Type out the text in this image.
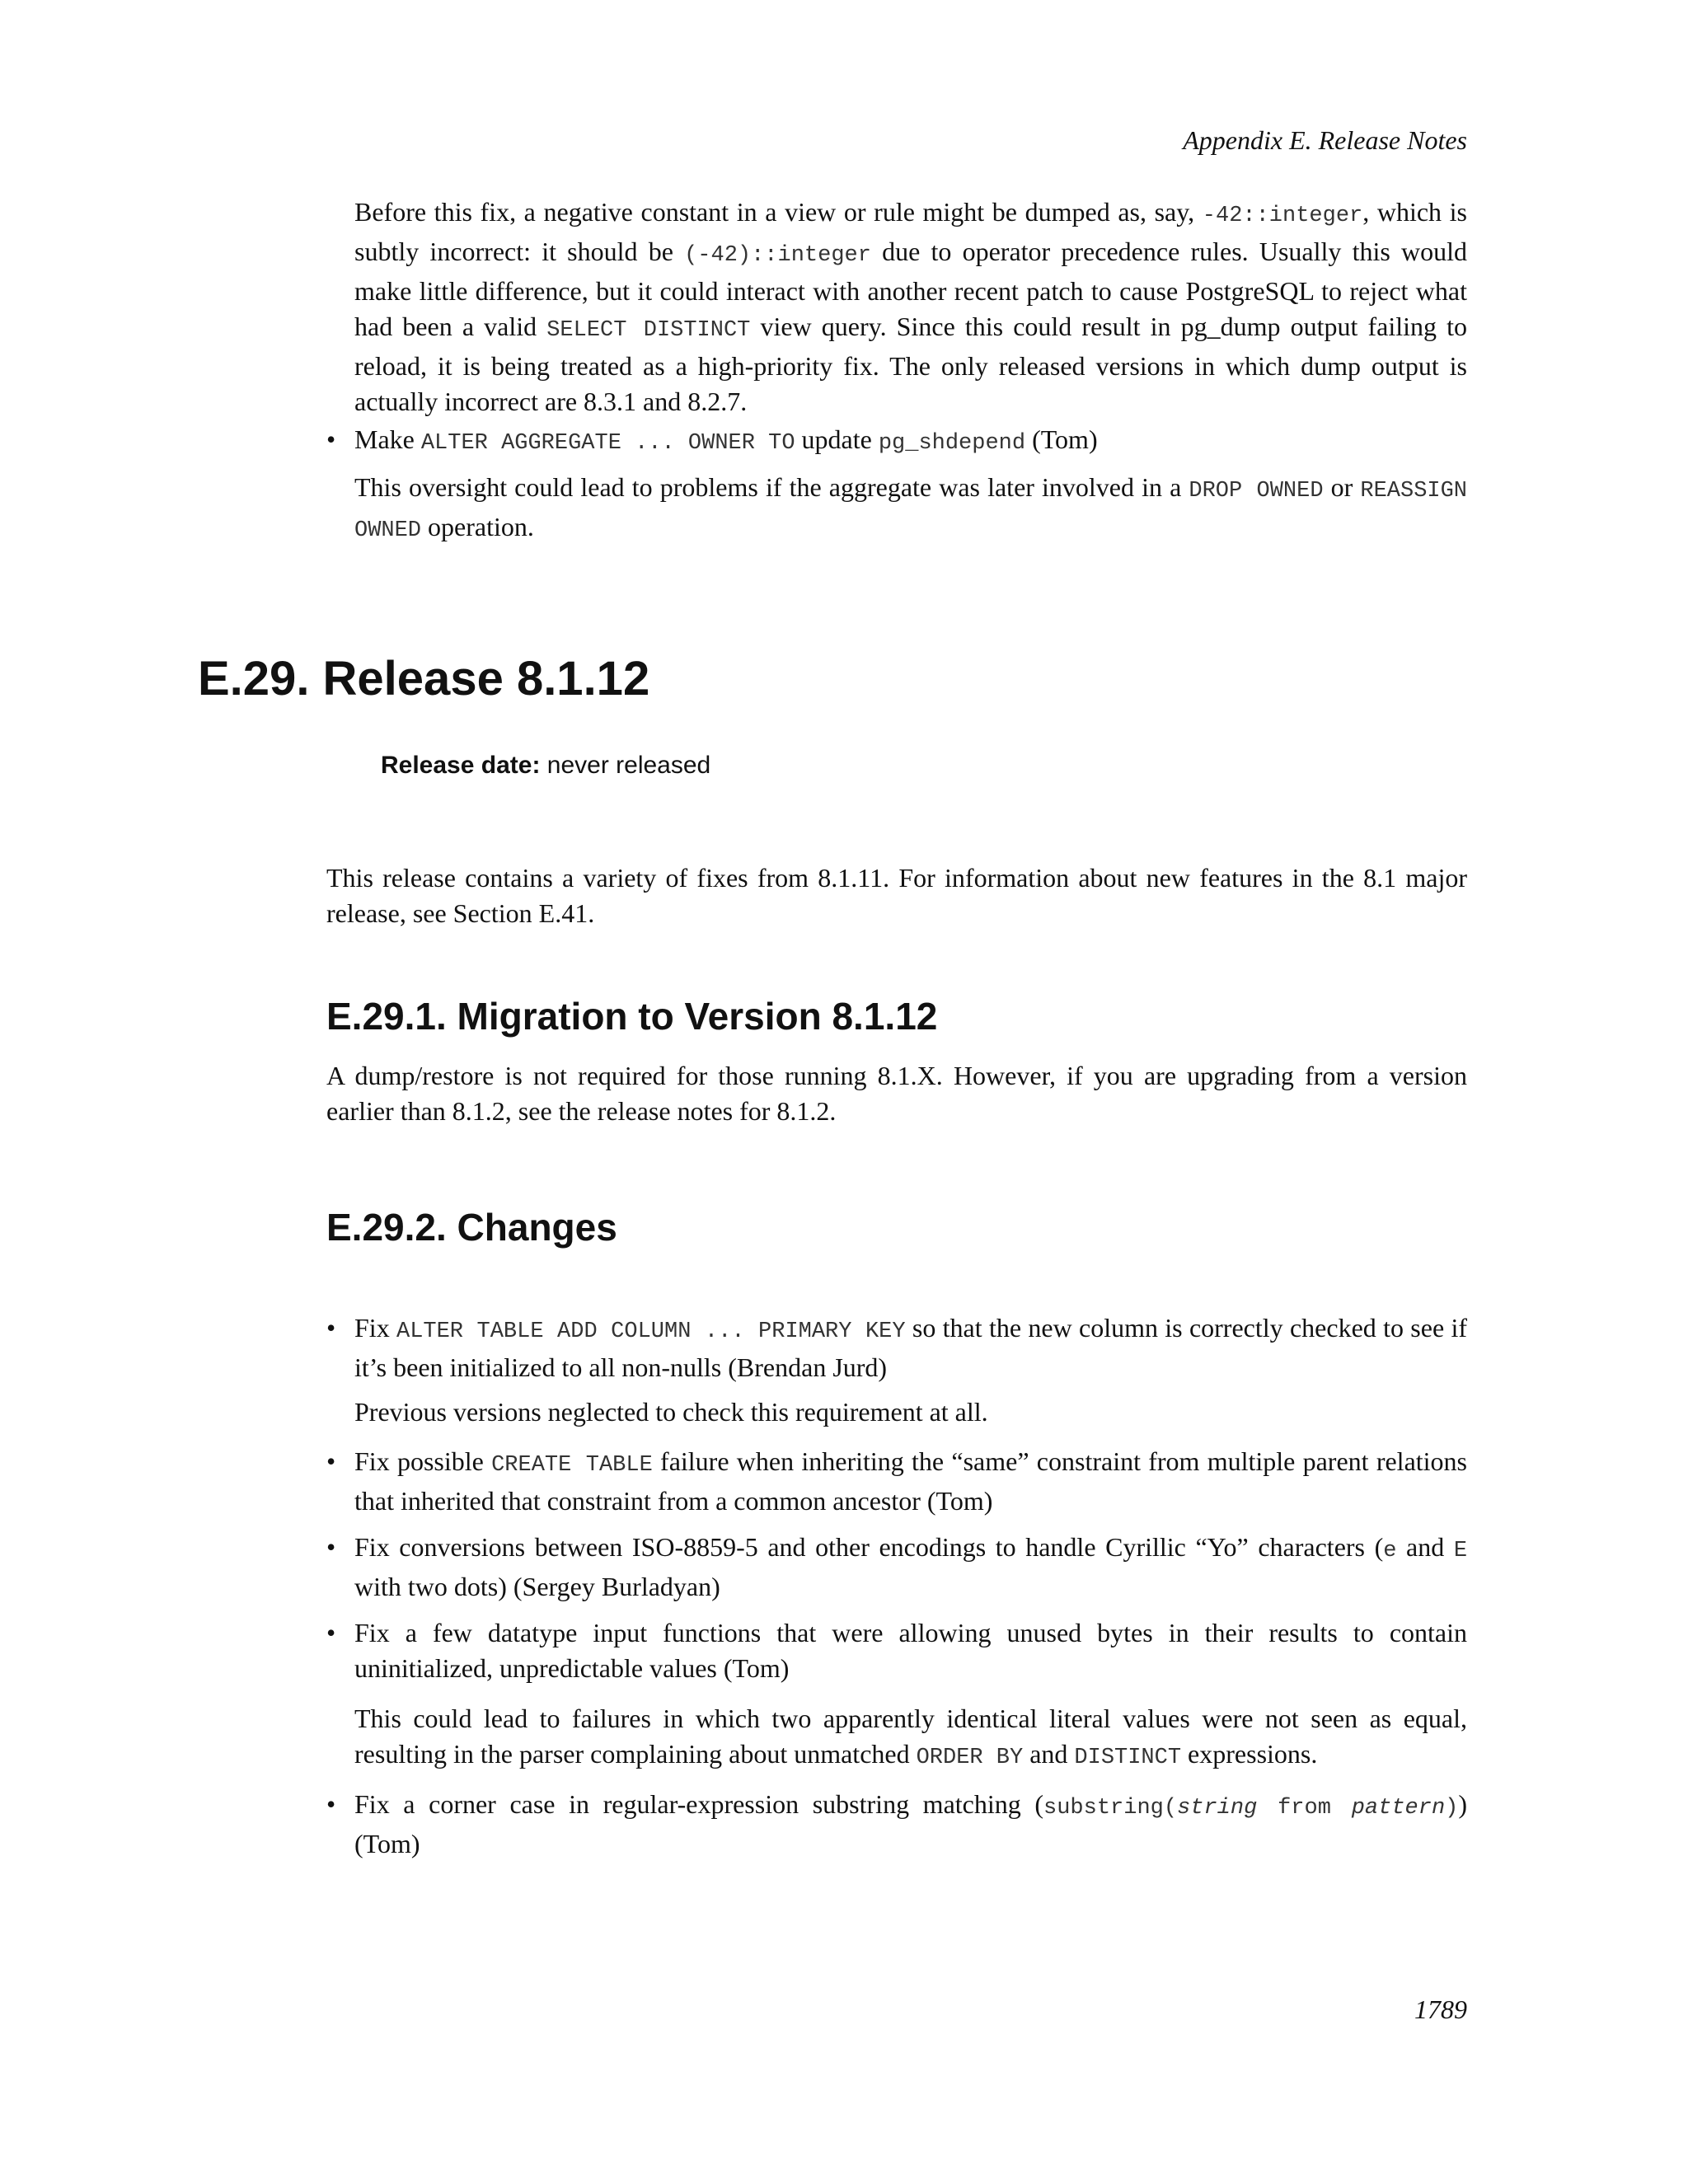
Appendix E. Release Notes

Before this fix, a negative constant in a view or rule might be dumped as, say, -42::integer, which is subtly incorrect: it should be (-42)::integer due to operator precedence rules. Usually this would make little difference, but it could interact with another recent patch to cause PostgreSQL to reject what had been a valid SELECT DISTINCT view query. Since this could result in pg_dump output failing to reload, it is being treated as a high-priority fix. The only released versions in which dump output is actually incorrect are 8.3.1 and 8.2.7.

• Make ALTER AGGREGATE ... OWNER TO update pg_shdepend (Tom)

This oversight could lead to problems if the aggregate was later involved in a DROP OWNED or REASSIGN OWNED operation.

E.29. Release 8.1.12
Release date: never released

This release contains a variety of fixes from 8.1.11. For information about new features in the 8.1 major release, see Section E.41.

E.29.1. Migration to Version 8.1.12

A dump/restore is not required for those running 8.1.X. However, if you are upgrading from a version earlier than 8.1.2, see the release notes for 8.1.2.

E.29.2. Changes
• Fix ALTER TABLE ADD COLUMN ... PRIMARY KEY so that the new column is correctly checked to see if it’s been initialized to all non-nulls (Brendan Jurd)

Previous versions neglected to check this requirement at all.
• Fix possible CREATE TABLE failure when inheriting the “same” constraint from multiple parent relations that inherited that constraint from a common ancestor (Tom)

• Fix conversions between ISO-8859-5 and other encodings to handle Cyrillic “Yo” characters (e and E with two dots) (Sergey Burladyan)

• Fix a few datatype input functions that were allowing unused bytes in their results to contain uninitialized, unpredictable values (Tom)

This could lead to failures in which two apparently identical literal values were not seen as equal, resulting in the parser complaining about unmatched ORDER BY and DISTINCT expressions.

• Fix a corner case in regular-expression substring matching (substring(string from pattern)) (Tom)

1789
